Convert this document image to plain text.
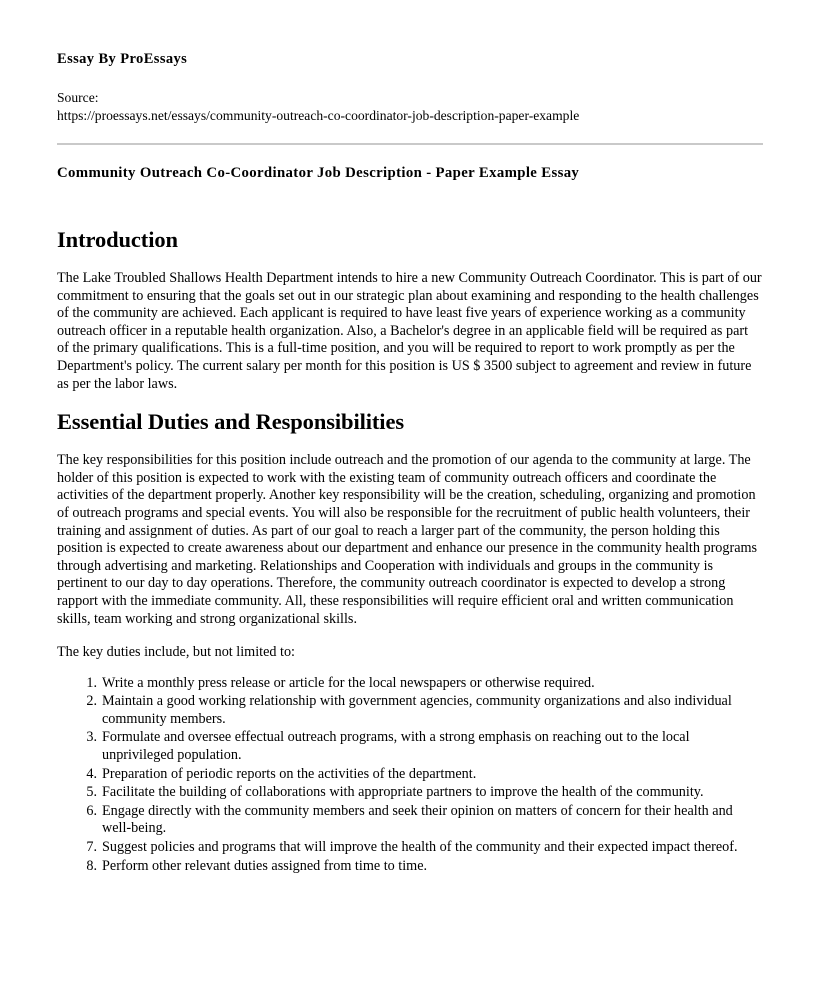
Essay By ProEssays
Source:
https://proessays.net/essays/community-outreach-co-coordinator-job-description-paper-example
Community Outreach Co-Coordinator Job Description - Paper Example Essay
Introduction

The Lake Troubled Shallows Health Department intends to hire a new Community Outreach Coordinator. This is part of our commitment to ensuring that the goals set out in our strategic plan about examining and responding to the health challenges of the community are achieved. Each applicant is required to have least five years of experience working as a community outreach officer in a reputable health organization. Also, a Bachelor's degree in an applicable field will be required as part of the primary qualifications. This is a full-time position, and you will be required to report to work promptly as per the Department's policy. The current salary per month for this position is US $ 3500 subject to agreement and review in future as per the labor laws.

Essential Duties and Responsibilities

The key responsibilities for this position include outreach and the promotion of our agenda to the community at large. The holder of this position is expected to work with the existing team of community outreach officers and coordinate the activities of the department properly. Another key responsibility will be the creation, scheduling, organizing and promotion of outreach programs and special events. You will also be responsible for the recruitment of public health volunteers, their training and assignment of duties. As part of our goal to reach a larger part of the community, the person holding this position is expected to create awareness about our department and enhance our presence in the community health programs through advertising and marketing. Relationships and Cooperation with individuals and groups in the community is pertinent to our day to day operations. Therefore, the community outreach coordinator is expected to develop a strong rapport with the immediate community. All, these responsibilities will require efficient oral and written communication skills, team working and strong organizational skills.

The key duties include, but not limited to:

Write a monthly press release or article for the local newspapers or otherwise required.
Maintain a good working relationship with government agencies, community organizations and also individual community members.
Formulate and oversee effectual outreach programs, with a strong emphasis on reaching out to the local unprivileged population.
Preparation of periodic reports on the activities of the department.
Facilitate the building of collaborations with appropriate partners to improve the health of the community.
Engage directly with the community members and seek their opinion on matters of concern for their health and well-being.
Suggest policies and programs that will improve the health of the community and their expected impact thereof.
Perform other relevant duties assigned from time to time.
